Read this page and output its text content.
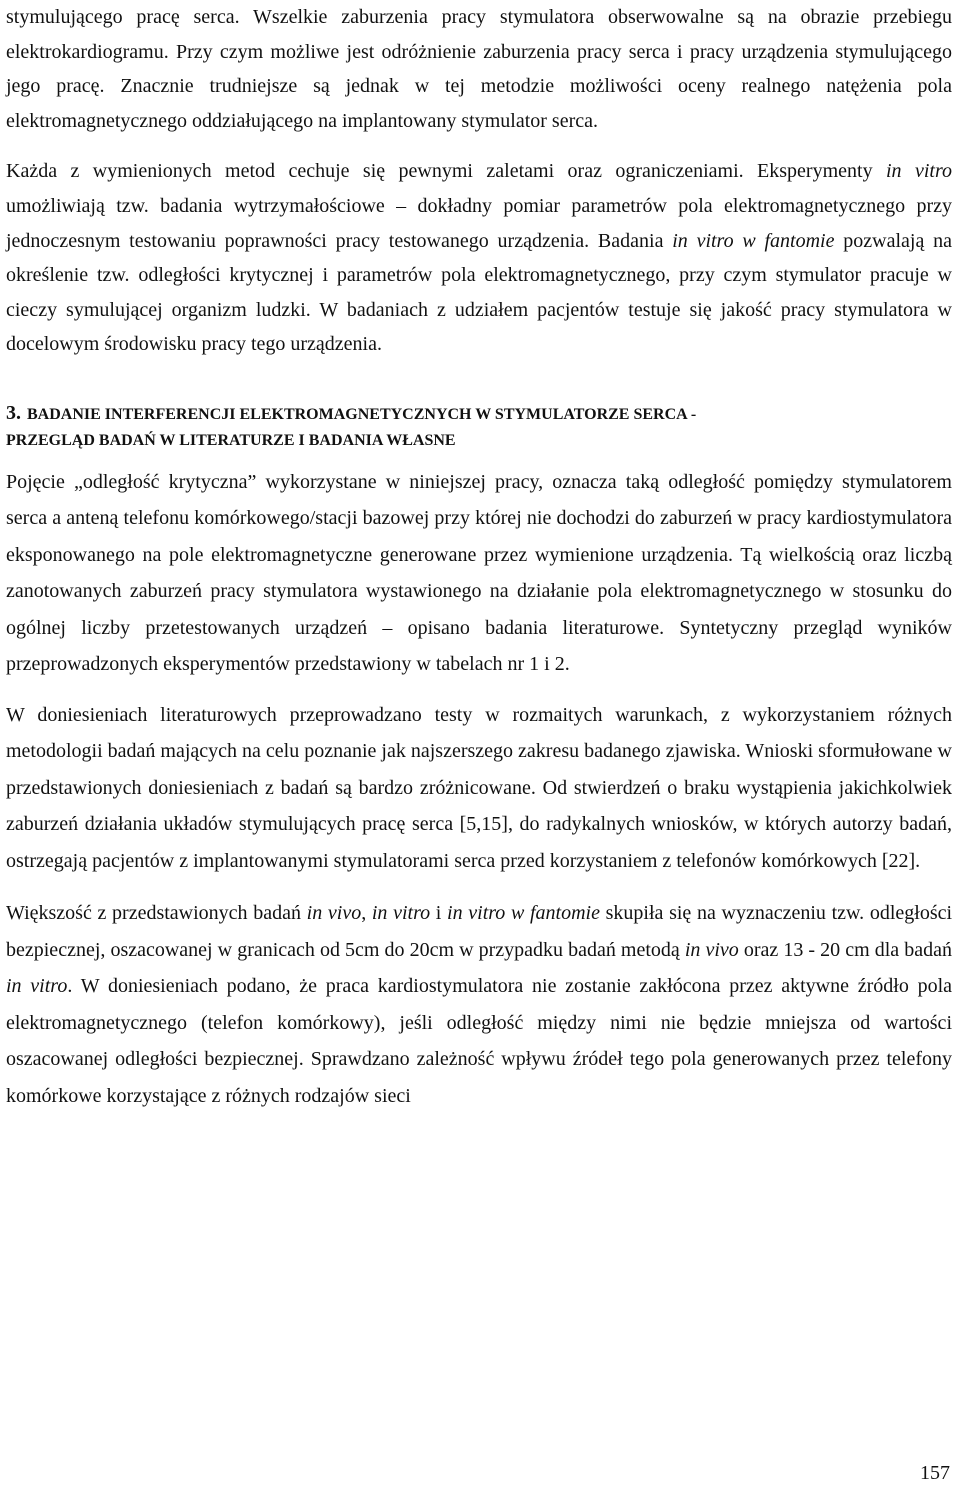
stymulującego pracę serca. Wszelkie zaburzenia pracy stymulatora obserwowalne są na obrazie przebiegu elektrokardiogramu. Przy czym możliwe jest odróżnienie zaburzenia pracy serca i pracy urządzenia stymulującego jego pracę. Znacznie trudniejsze są jednak w tej metodzie możliwości oceny realnego natężenia pola elektromagnetycznego oddziałującego na implantowany stymulator serca.

Każda z wymienionych metod cechuje się pewnymi zaletami oraz ograniczeniami. Eksperymenty in vitro umożliwiają tzw. badania wytrzymałościowe – dokładny pomiar parametrów pola elektromagnetycznego przy jednoczesnym testowaniu poprawności pracy testowanego urządzenia. Badania in vitro w fantomie pozwalają na określenie tzw. odległości krytycznej i parametrów pola elektromagnetycznego, przy czym stymulator pracuje w cieczy symulującej organizm ludzki. W badaniach z udziałem pacjentów testuje się jakość pracy stymulatora w docelowym środowisku pracy tego urządzenia.

3. BADANIE INTERFERENCJI ELEKTROMAGNETYCZNYCH W STYMULATORZE SERCA -
PRZEGLĄD BADAŃ W LITERATURZE I BADANIA WŁASNE

Pojęcie „odległość krytyczna” wykorzystane w niniejszej pracy, oznacza taką odległość pomiędzy stymulatorem serca a anteną telefonu komórkowego/stacji bazowej przy której nie dochodzi do zaburzeń w pracy kardiostymulatora eksponowanego na pole elektromagnetyczne generowane przez wymienione urządzenia. Tą wielkością oraz liczbą zanotowanych zaburzeń pracy stymulatora wystawionego na działanie pola elektromagnetycznego w stosunku do ogólnej liczby przetestowanych urządzeń – opisano badania literaturowe. Syntetyczny przegląd wyników przeprowadzonych eksperymentów przedstawiony w tabelach nr 1 i 2.

W doniesieniach literaturowych przeprowadzano testy w rozmaitych warunkach, z wykorzystaniem różnych metodologii badań mających na celu poznanie jak najszerszego zakresu badanego zjawiska. Wnioski sformułowane w przedstawionych doniesieniach z badań są bardzo zróżnicowane. Od stwierdzeń o braku wystąpienia jakichkolwiek zaburzeń działania układów stymulujących pracę serca [5,15], do radykalnych wniosków, w których autorzy badań, ostrzegają pacjentów z implantowanymi stymulatorami serca przed korzystaniem z telefonów komórkowych [22].

Większość z przedstawionych badań in vivo, in vitro i in vitro w fantomie skupiła się na wyznaczeniu tzw. odległości bezpiecznej, oszacowanej w granicach od 5cm do 20cm w przypadku badań metodą in vivo oraz 13 - 20 cm dla badań in vitro. W doniesieniach podano, że praca kardiostymulatora nie zostanie zakłócona przez aktywne źródło pola elektromagnetycznego (telefon komórkowy), jeśli odległość między nimi nie będzie mniejsza od wartości oszacowanej odległości bezpiecznej. Sprawdzano zależność wpływu źródeł tego pola generowanych przez telefony komórkowe korzystające z różnych rodzajów sieci

157
